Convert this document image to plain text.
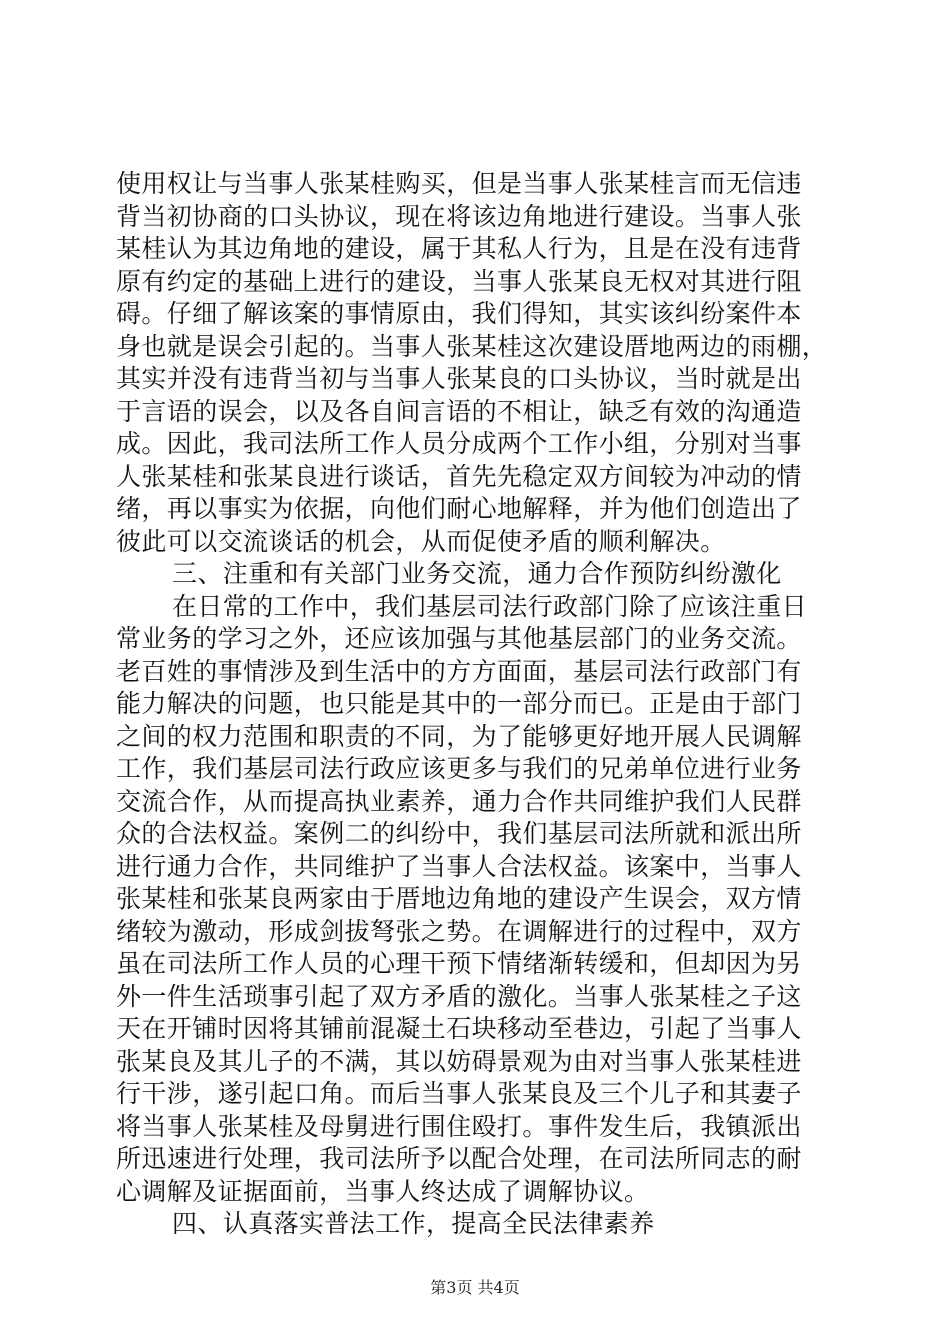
使用权让与当事人张某桂购买，但是当事人张某桂言而无信违
背当初协商的口头协议，现在将该边角地进行建设。当事人张
某桂认为其边角地的建设，属于其私人行为，且是在没有违背
原有约定的基础上进行的建设，当事人张某良无权对其进行阻
碍。仔细了解该案的事情原由，我们得知，其实该纠纷案件本
身也就是误会引起的。当事人张某桂这次建设厝地两边的雨棚，
其实并没有违背当初与当事人张某良的口头协议，当时就是出
于言语的误会，以及各自间言语的不相让，缺乏有效的沟通造
成。因此，我司法所工作人员分成两个工作小组，分别对当事
人张某桂和张某良进行谈话，首先先稳定双方间较为冲动的情
绪，再以事实为依据，向他们耐心地解释，并为他们创造出了
彼此可以交流谈话的机会，从而促使矛盾的顺利解决。
三、注重和有关部门业务交流，通力合作预防纠纷激化
在日常的工作中，我们基层司法行政部门除了应该注重日
常业务的学习之外，还应该加强与其他基层部门的业务交流。
老百姓的事情涉及到生活中的方方面面，基层司法行政部门有
能力解决的问题，也只能是其中的一部分而已。正是由于部门
之间的权力范围和职责的不同，为了能够更好地开展人民调解
工作，我们基层司法行政应该更多与我们的兄弟单位进行业务
交流合作，从而提高执业素养，通力合作共同维护我们人民群
众的合法权益。案例二的纠纷中，我们基层司法所就和派出所
进行通力合作，共同维护了当事人合法权益。该案中，当事人
张某桂和张某良两家由于厝地边角地的建设产生误会，双方情
绪较为激动，形成剑拔弩张之势。在调解进行的过程中，双方
虽在司法所工作人员的心理干预下情绪渐转缓和，但却因为另
外一件生活琐事引起了双方矛盾的激化。当事人张某桂之子这
天在开铺时因将其铺前混凝土石块移动至巷边，引起了当事人
张某良及其儿子的不满，其以妨碍景观为由对当事人张某桂进
行干涉，遂引起口角。而后当事人张某良及三个儿子和其妻子
将当事人张某桂及母舅进行围住殴打。事件发生后，我镇派出
所迅速进行处理，我司法所予以配合处理，在司法所同志的耐
心调解及证据面前，当事人终达成了调解协议。
四、认真落实普法工作，提高全民法律素养
第3页 共4页
